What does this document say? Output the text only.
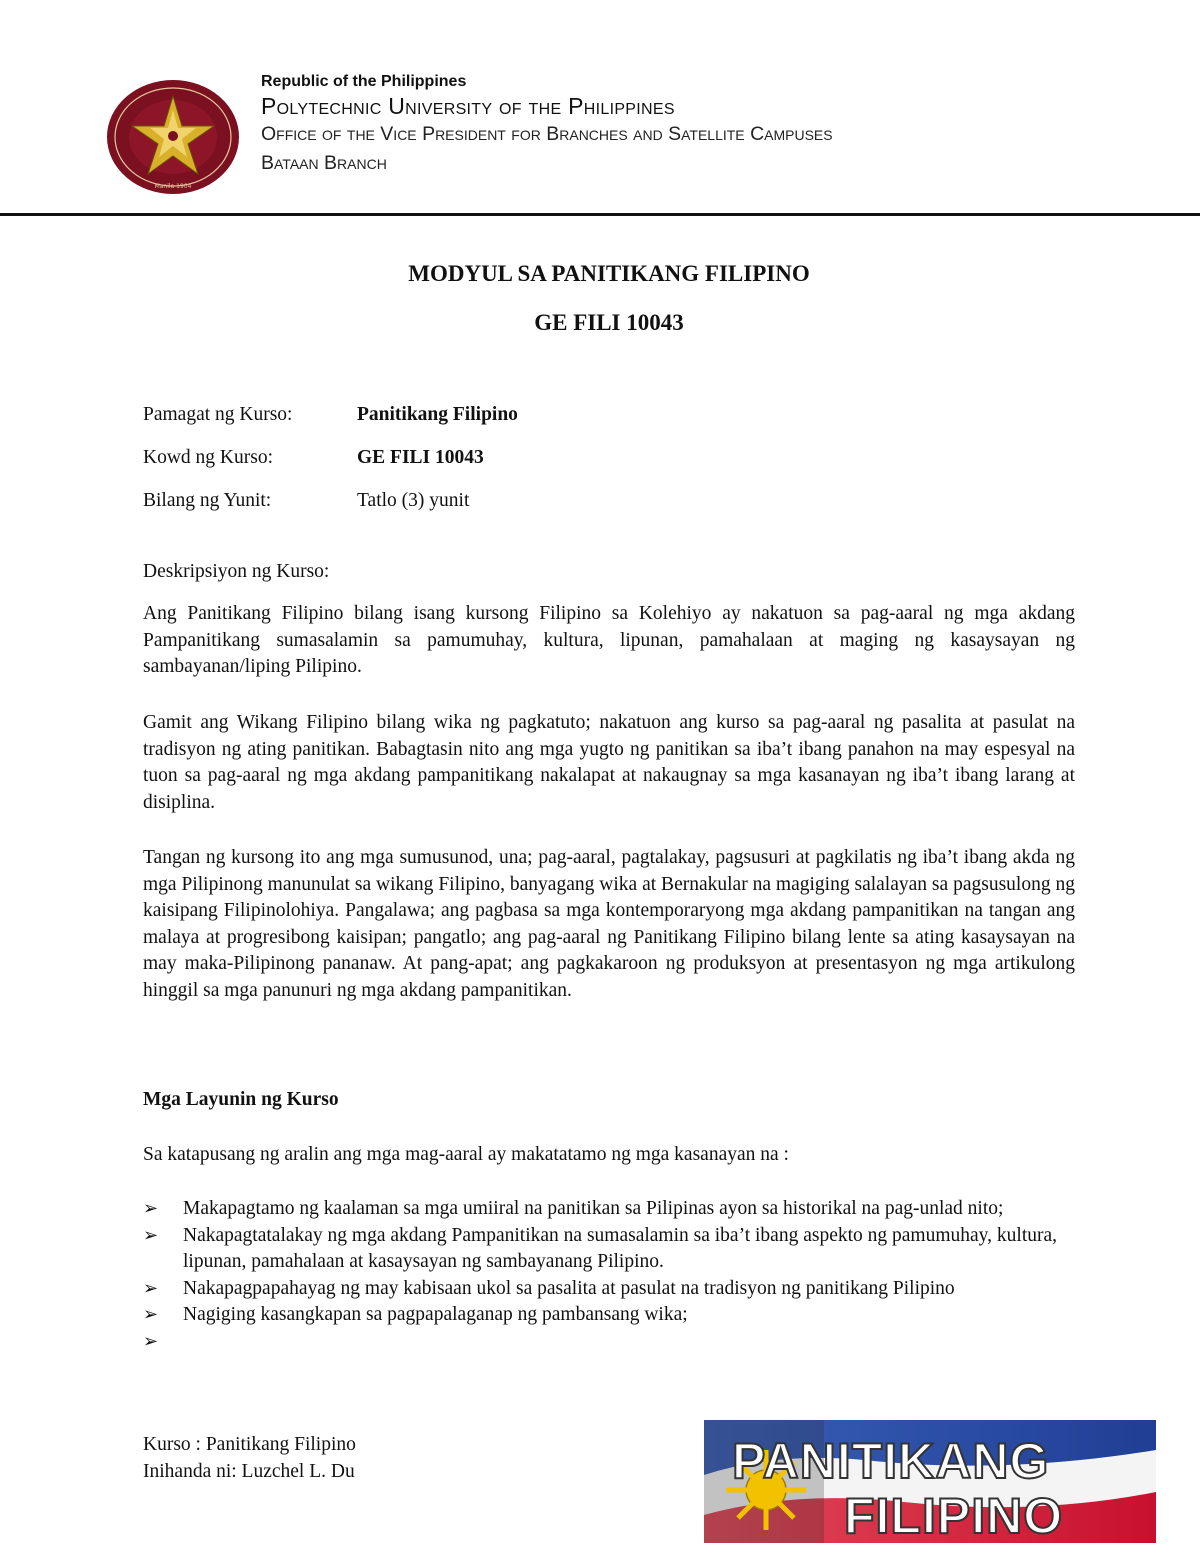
Manila 1904
Republic of the Philippines
Polytechnic University of the Philippines
Office of the Vice President for Branches and Satellite Campuses
Bataan Branch
MODYUL SA PANITIKANG FILIPINO
GE FILI 10043
Pamagat ng Kurso:	Panitikang Filipino
Kowd ng Kurso:	GE FILI 10043
Bilang ng Yunit:	Tatlo (3) yunit
Deskripsiyon ng Kurso:

Ang Panitikang Filipino bilang isang kursong Filipino sa Kolehiyo ay nakatuon sa pag-aaral ng mga akdang Pampanitikang sumasalamin sa pamumuhay, kultura, lipunan, pamahalaan at maging ng kasaysayan ng sambayanan/liping Pilipino.

Gamit ang Wikang Filipino bilang wika ng pagkatuto; nakatuon ang kurso sa pag-aaral ng pasalita at pasulat na tradisyon ng ating panitikan. Babagtasin nito ang mga yugto ng panitikan sa iba’t ibang panahon na may espesyal na tuon sa pag-aaral ng mga akdang pampanitikang nakalapat at nakaugnay sa mga kasanayan ng iba’t ibang larang at disiplina.

Tangan ng kursong ito ang mga sumusunod, una; pag-aaral, pagtalakay, pagsusuri at pagkilatis ng iba’t ibang akda ng mga Pilipinong manunulat sa wikang Filipino, banyagang wika at Bernakular na magiging salalayan sa pagsusulong ng kaisipang Filipinolohiya. Pangalawa; ang pagbasa sa mga kontemporaryong mga akdang pampanitikan na tangan ang malaya at progresibong kaisipan; pangatlo; ang pag-aaral ng Panitikang Filipino bilang lente sa ating kasaysayan na may maka-Pilipinong pananaw. At pang-apat; ang pagkakaroon ng produksyon at presentasyon ng mga artikulong hinggil sa mga panunuri ng mga akdang pampanitikan.

Mga Layunin ng Kurso
Sa katapusang ng aralin ang mga mag-aaral ay makatatamo ng mga kasanayan na :
➢ Makapagtamo ng kaalaman sa mga umiiral na panitikan sa Pilipinas ayon sa historikal na pag-unlad nito;
➢ Nakapagtatalakay ng mga akdang Pampanitikan na sumasalamin sa iba’t ibang aspekto ng pamumuhay, kultura, lipunan, pamahalaan at kasaysayan ng sambayanang Pilipino.
➢ Nakapagpapahayag ng may kabisaan ukol sa pasalita at pasulat na tradisyon ng panitikang Pilipino
➢ Nagiging kasangkapan sa pagpapalaganap ng pambansang wika;
➢

Kurso : Panitikang Filipino
Inihanda ni: Luzchel L. Du	PANITIKANG
FILIPINO
